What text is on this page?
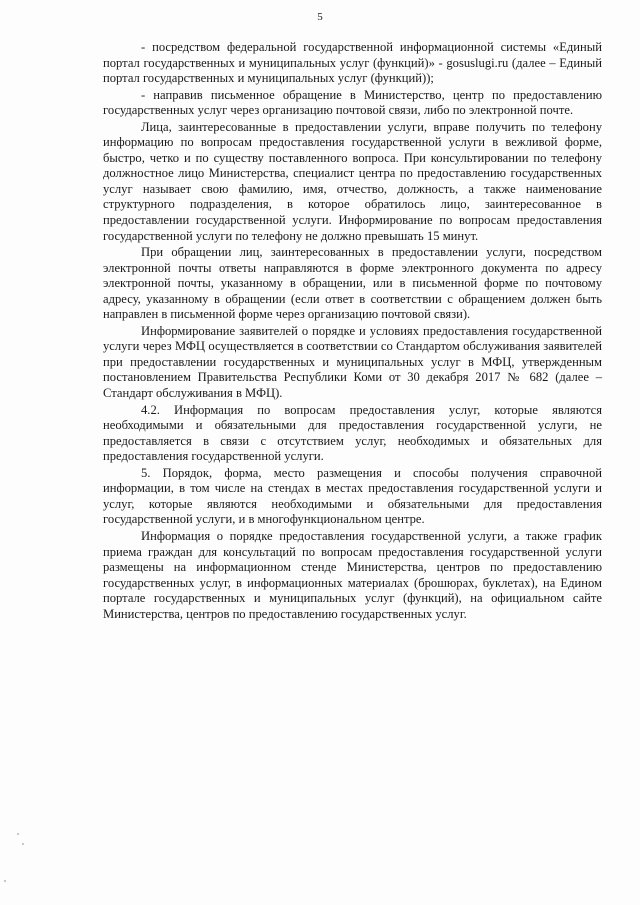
5

- посредством федеральной государственной информационной системы «Единый портал государственных и муниципальных услуг (функций)» - gosuslugi.ru (далее – Единый портал государственных и муниципальных услуг (функций));

- направив письменное обращение в Министерство, центр по предоставлению государственных услуг через организацию почтовой связи, либо по электронной почте.

Лица, заинтересованные в предоставлении услуги, вправе получить по телефону информацию по вопросам предоставления государственной услуги в вежливой форме, быстро, четко и по существу поставленного вопроса. При консультировании по телефону должностное лицо Министерства, специалист центра по предоставлению государственных услуг называет свою фамилию, имя, отчество, должность, а также наименование структурного подразделения, в которое обратилось лицо, заинтересованное в предоставлении государственной услуги. Информирование по вопросам предоставления государственной услуги по телефону не должно превышать 15 минут.

При обращении лиц, заинтересованных в предоставлении услуги, посредством электронной почты ответы направляются в форме электронного документа по адресу электронной почты, указанному в обращении, или в письменной форме по почтовому адресу, указанному в обращении (если ответ в соответствии с обращением должен быть направлен в письменной форме через организацию почтовой связи).

Информирование заявителей о порядке и условиях предоставления государственной услуги через МФЦ осуществляется в соответствии со Стандартом обслуживания заявителей при предоставлении государственных и муниципальных услуг в МФЦ, утвержденным постановлением Правительства Республики Коми от 30 декабря 2017 № 682 (далее – Стандарт обслуживания в МФЦ).

4.2. Информация по вопросам предоставления услуг, которые являются необходимыми и обязательными для предоставления государственной услуги, не предоставляется в связи с отсутствием услуг, необходимых и обязательных для предоставления государственной услуги.

5. Порядок, форма, место размещения и способы получения справочной информации, в том числе на стендах в местах предоставления государственной услуги и услуг, которые являются необходимыми и обязательными для предоставления государственной услуги, и в многофункциональном центре.

Информация о порядке предоставления государственной услуги, а также график приема граждан для консультаций по вопросам предоставления государственной услуги размещены на информационном стенде Министерства, центров по предоставлению государственных услуг, в информационных материалах (брошюрах, буклетах), на Едином портале государственных и муниципальных услуг (функций), на официальном сайте Министерства, центров по предоставлению государственных услуг.
